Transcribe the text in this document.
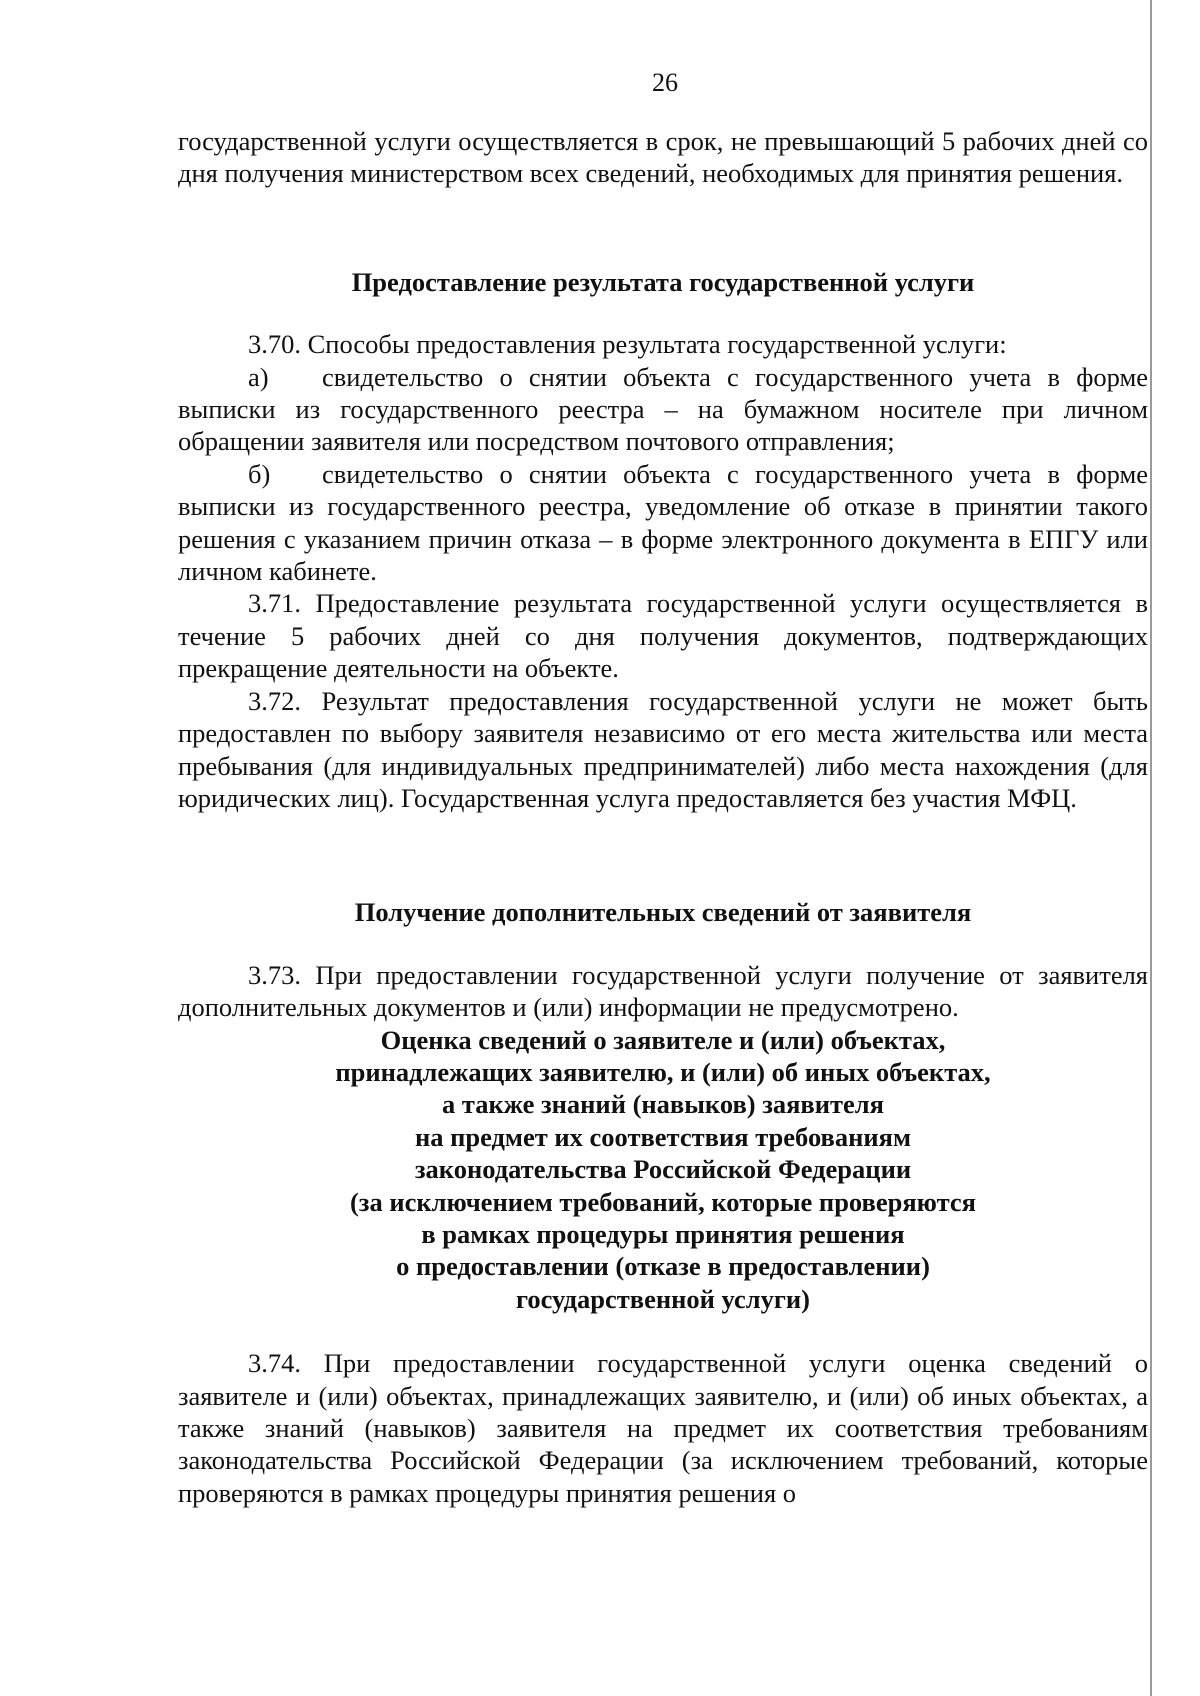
26

государственной услуги осуществляется в срок, не превышающий 5 рабочих дней со дня получения министерством всех сведений, необходимых для принятия решения.

Предоставление результата государственной услуги

3.70. Способы предоставления результата государственной услуги:

а) свидетельство о снятии объекта с государственного учета в форме выписки из государственного реестра – на бумажном носителе при личном обращении заявителя или посредством почтового отправления;

б) свидетельство о снятии объекта с государственного учета в форме выписки из государственного реестра, уведомление об отказе в принятии такого решения с указанием причин отказа – в форме электронного документа в ЕПГУ или личном кабинете.

3.71. Предоставление результата государственной услуги осуществляется в течение 5 рабочих дней со дня получения документов, подтверждающих прекращение деятельности на объекте.

3.72. Результат предоставления государственной услуги не может быть предоставлен по выбору заявителя независимо от его места жительства или места пребывания (для индивидуальных предпринимателей) либо места нахождения (для юридических лиц). Государственная услуга предоставляется без участия МФЦ.

Получение дополнительных сведений от заявителя

3.73. При предоставлении государственной услуги получение от заявителя дополнительных документов и (или) информации не предусмотрено.

Оценка сведений о заявителе и (или) объектах,
принадлежащих заявителю, и (или) об иных объектах,
а также знаний (навыков) заявителя
на предмет их соответствия требованиям
законодательства Российской Федерации
(за исключением требований, которые проверяются
в рамках процедуры принятия решения
о предоставлении (отказе в предоставлении)
государственной услуги)

3.74. При предоставлении государственной услуги оценка сведений о заявителе и (или) объектах, принадлежащих заявителю, и (или) об иных объектах, а также знаний (навыков) заявителя на предмет их соответствия требованиям законодательства Российской Федерации (за исключением требований, которые проверяются в рамках процедуры принятия решения о
